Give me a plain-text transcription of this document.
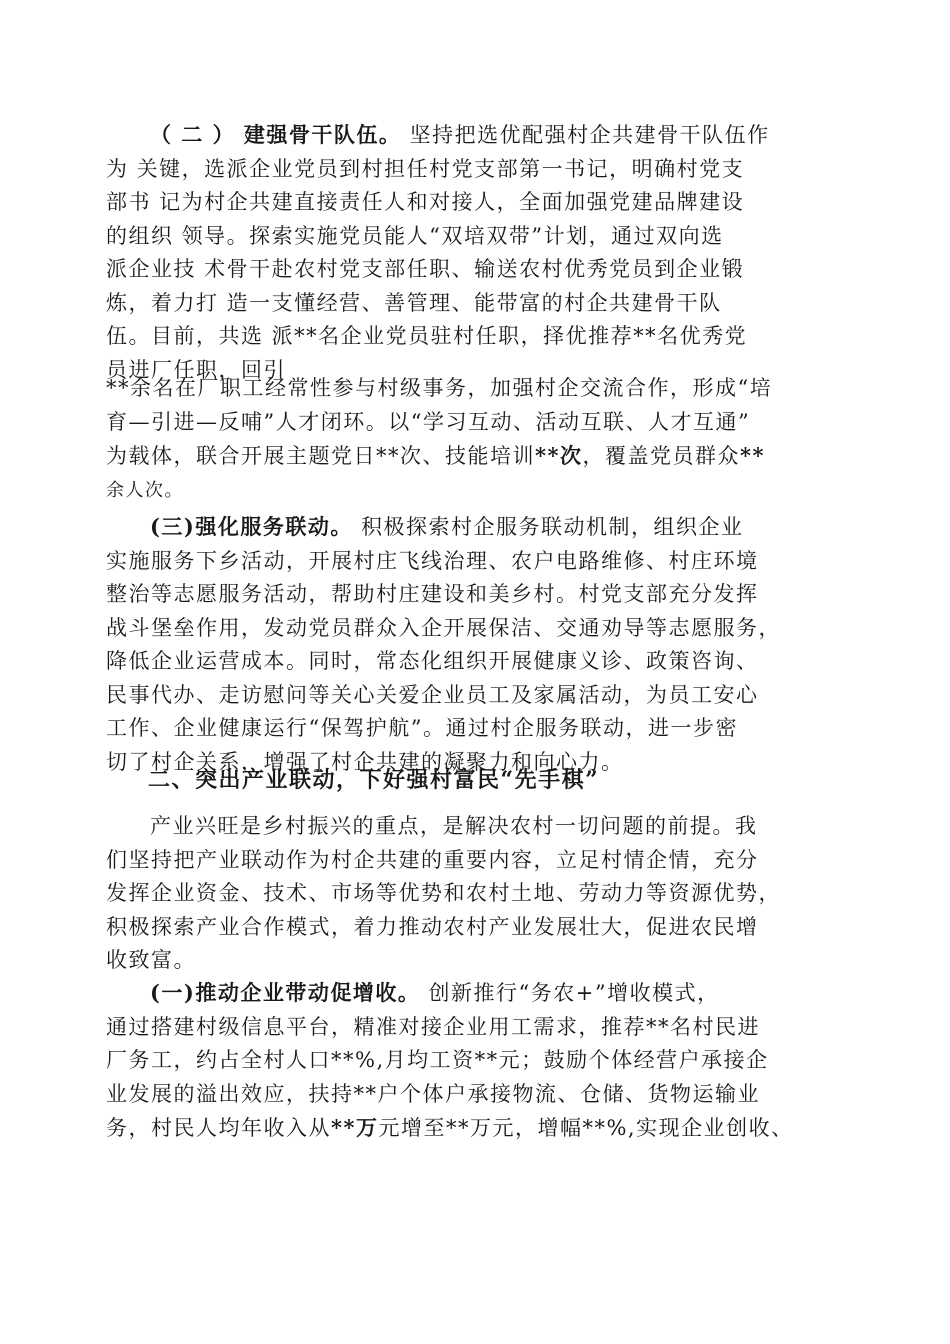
（ 二 ） 建强骨干队伍。 坚持把选优配强村企共建骨干队伍作
为 关键，选派企业党员到村担任村党支部第一书记，明确村党支
部书 记为村企共建直接责任人和对接人，全面加强党建品牌建设
的组织 领导。探索实施党员能人“双培双带”计划，通过双向选
派企业技 术骨干赴农村党支部任职、输送农村优秀党员到企业锻
炼，着力打 造一支懂经营、善管理、能带富的村企共建骨干队
伍。目前，共选 派**名企业党员驻村任职，择优推荐**名优秀党
员进厂任职，回引

**余名在厂职工经常性参与村级事务，加强村企交流合作，形成“培
育—引进—反哺”人才闭环。以“学习互动、活动互联、人才互通”
为载体，联合开展主题党日**次、技能培训**次，覆盖党员群众**
余人次。

(三)强化服务联动。 积极探索村企服务联动机制，组织企业
实施服务下乡活动，开展村庄飞线治理、农户电路维修、村庄环境
整治等志愿服务活动，帮助村庄建设和美乡村。村党支部充分发挥
战斗堡垒作用，发动党员群众入企开展保洁、交通劝导等志愿服务，
降低企业运营成本。同时，常态化组织开展健康义诊、政策咨询、
民事代办、走访慰问等关心关爱企业员工及家属活动，为员工安心
工作、企业健康运行“保驾护航”。通过村企服务联动，进一步密
切了村企关系，增强了村企共建的凝聚力和向心力。

二、突出产业联动，下好强村富民“先手棋”

产业兴旺是乡村振兴的重点，是解决农村一切问题的前提。我
们坚持把产业联动作为村企共建的重要内容，立足村情企情，充分
发挥企业资金、技术、市场等优势和农村土地、劳动力等资源优势，
积极探索产业合作模式，着力推动农村产业发展壮大，促进农民增
收致富。

(一)推动企业带动促增收。 创新推行“务农+”增收模式，
通过搭建村级信息平台，精准对接企业用工需求，推荐**名村民进
厂务工，约占全村人口**%,月均工资**元；鼓励个体经营户承接企
业发展的溢出效应，扶持**户个体户承接物流、仓储、货物运输业
务，村民人均年收入从**万元增至**万元，增幅**%,实现企业创收、
